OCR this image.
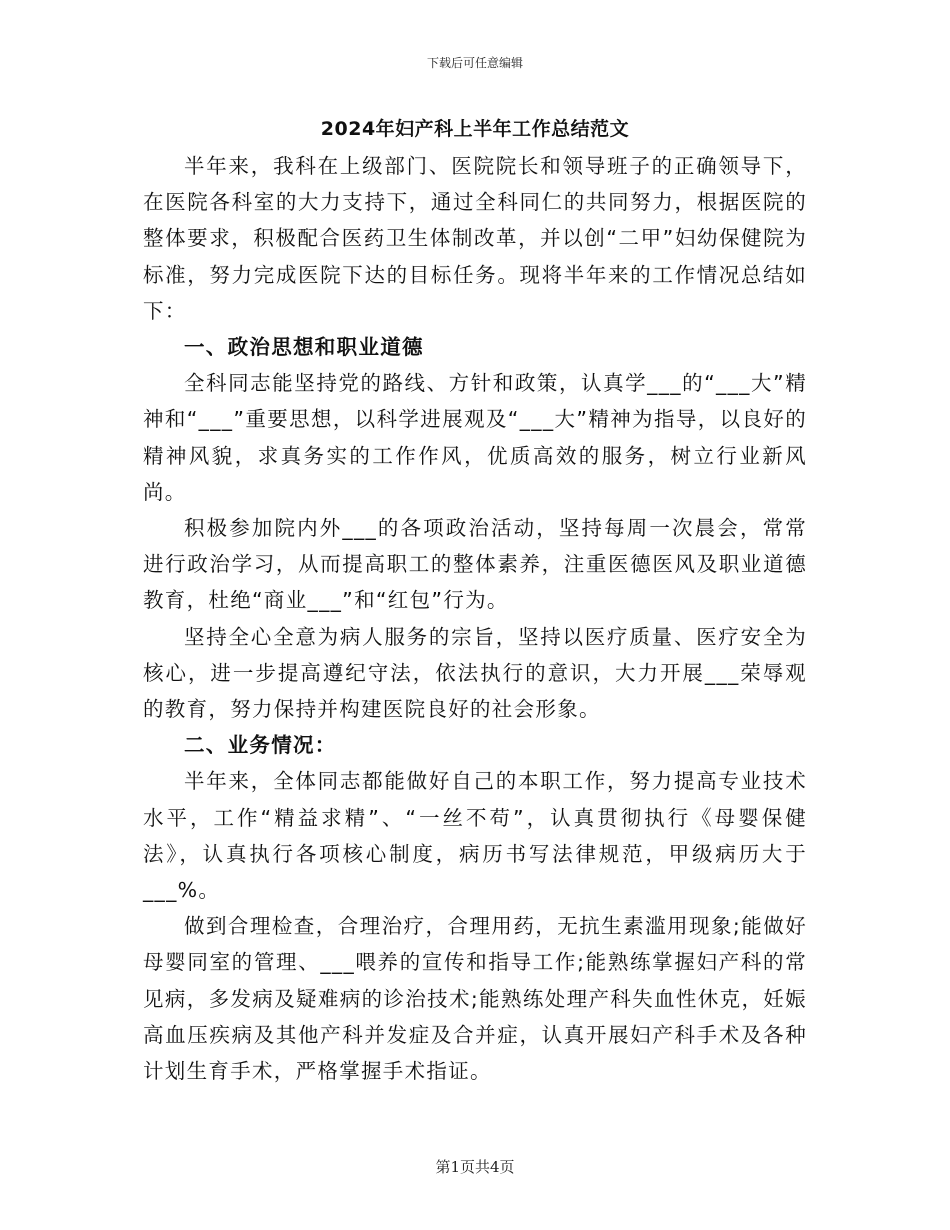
下载后可任意编辑
2024年妇产科上半年工作总结范文

半年来，我科在上级部门、医院院长和领导班子的正确领导下，在医院各科室的大力支持下，通过全科同仁的共同努力，根据医院的整体要求，积极配合医药卫生体制改革，并以创“二甲”妇幼保健院为标准，努力完成医院下达的目标任务。现将半年来的工作情况总结如下：

一、政治思想和职业道德

全科同志能坚持党的路线、方针和政策，认真学___的“___大”精神和“___”重要思想，以科学进展观及“___大”精神为指导，以良好的精神风貌，求真务实的工作作风，优质高效的服务，树立行业新风尚。

积极参加院内外___的各项政治活动，坚持每周一次晨会，常常进行政治学习，从而提高职工的整体素养，注重医德医风及职业道德教育，杜绝“商业___”和“红包”行为。

坚持全心全意为病人服务的宗旨，坚持以医疗质量、医疗安全为核心，进一步提高遵纪守法，依法执行的意识，大力开展___荣辱观的教育，努力保持并构建医院良好的社会形象。

二、业务情况：

半年来，全体同志都能做好自己的本职工作，努力提高专业技术水平，工作“精益求精”、“一丝不苟”，认真贯彻执行《母婴保健法》，认真执行各项核心制度，病历书写法律规范，甲级病历大于___%。

做到合理检查，合理治疗，合理用药，无抗生素滥用现象;能做好母婴同室的管理、___喂养的宣传和指导工作;能熟练掌握妇产科的常见病，多发病及疑难病的诊治技术;能熟练处理产科失血性休克，妊娠高血压疾病及其他产科并发症及合并症，认真开展妇产科手术及各种计划生育手术，严格掌握手术指证。

第1页共4页
